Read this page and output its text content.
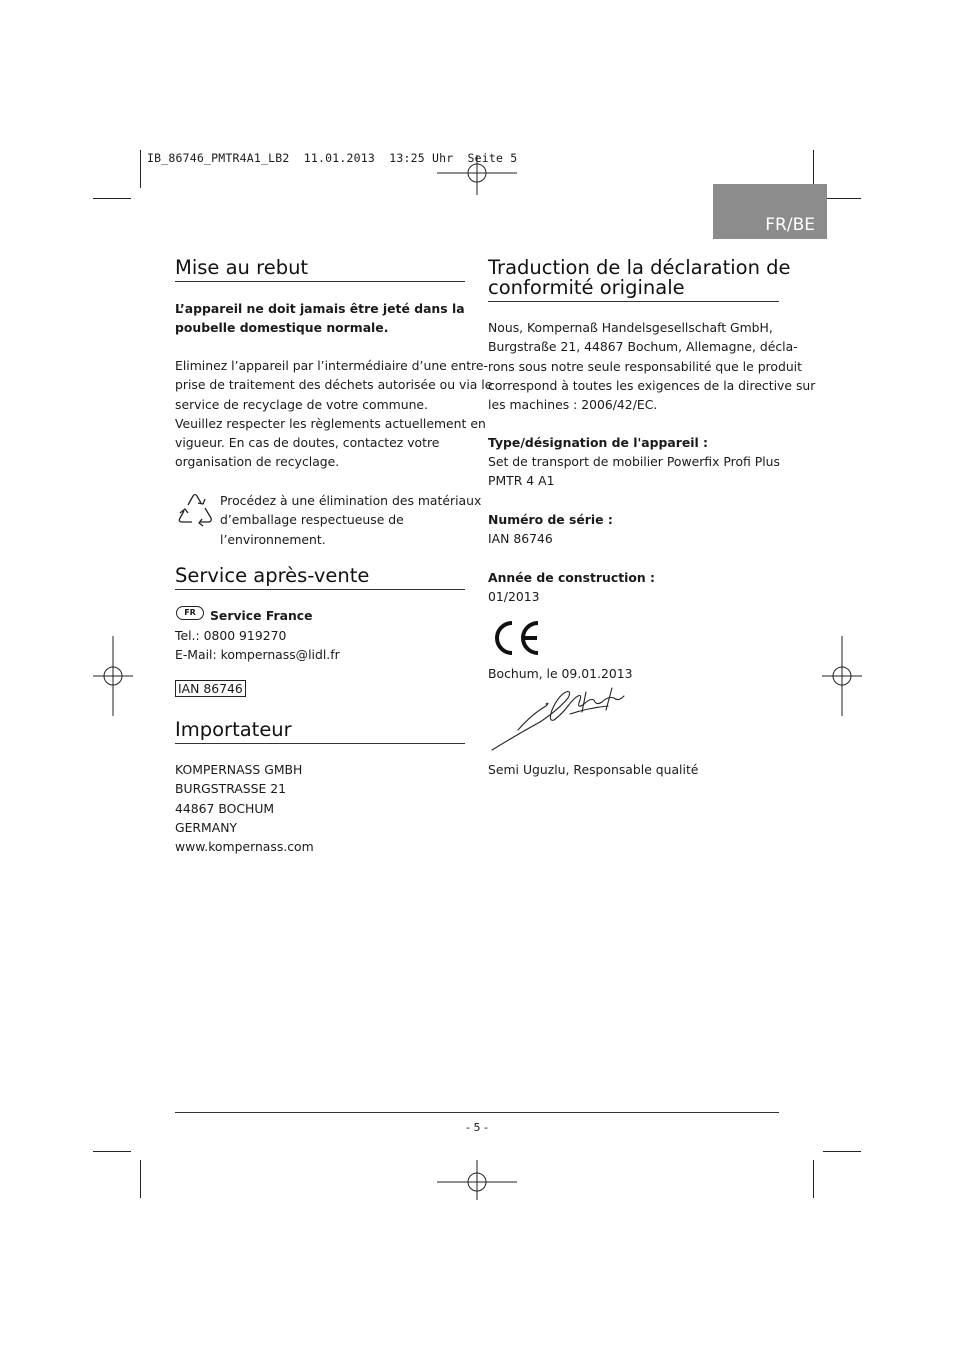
IB_86746_PMTR4A1_LB2  11.01.2013  13:25 Uhr  Seite 5
FR/BE
Mise au rebut
L’appareil ne doit jamais être jeté dans la
poubelle domestique normale.
Eliminez l’appareil par l’intermédiaire d’une entre-
prise de traitement des déchets autorisée ou via le
service de recyclage de votre commune.
Veuillez respecter les règlements actuellement en
vigueur. En cas de doutes, contactez votre
organisation de recyclage.
Procédez à une élimination des matériaux
d’emballage respectueuse de
l’environnement.
Service après-vente
FR	Service France
Tel.: 0800 919270
E-Mail: kompernass@lidl.fr
IAN 86746
Importateur
KOMPERNASS GMBH
BURGSTRASSE 21
44867 BOCHUM
GERMANY
www.kompernass.com
Traduction de la déclaration de
conformité originale
Nous, Kompernaß Handelsgesellschaft GmbH,
Burgstraße 21, 44867 Bochum, Allemagne, décla-
rons sous notre seule responsabilité que le produit
correspond à toutes les exigences de la directive sur
les machines : 2006/42/EC.
Type/désignation de l'appareil :
Set de transport de mobilier Powerfix Profi Plus
PMTR 4 A1
Numéro de série :
IAN 86746
Année de construction :
01/2013
Bochum, le 09.01.2013
Semi Uguzlu, Responsable qualité
- 5 -
